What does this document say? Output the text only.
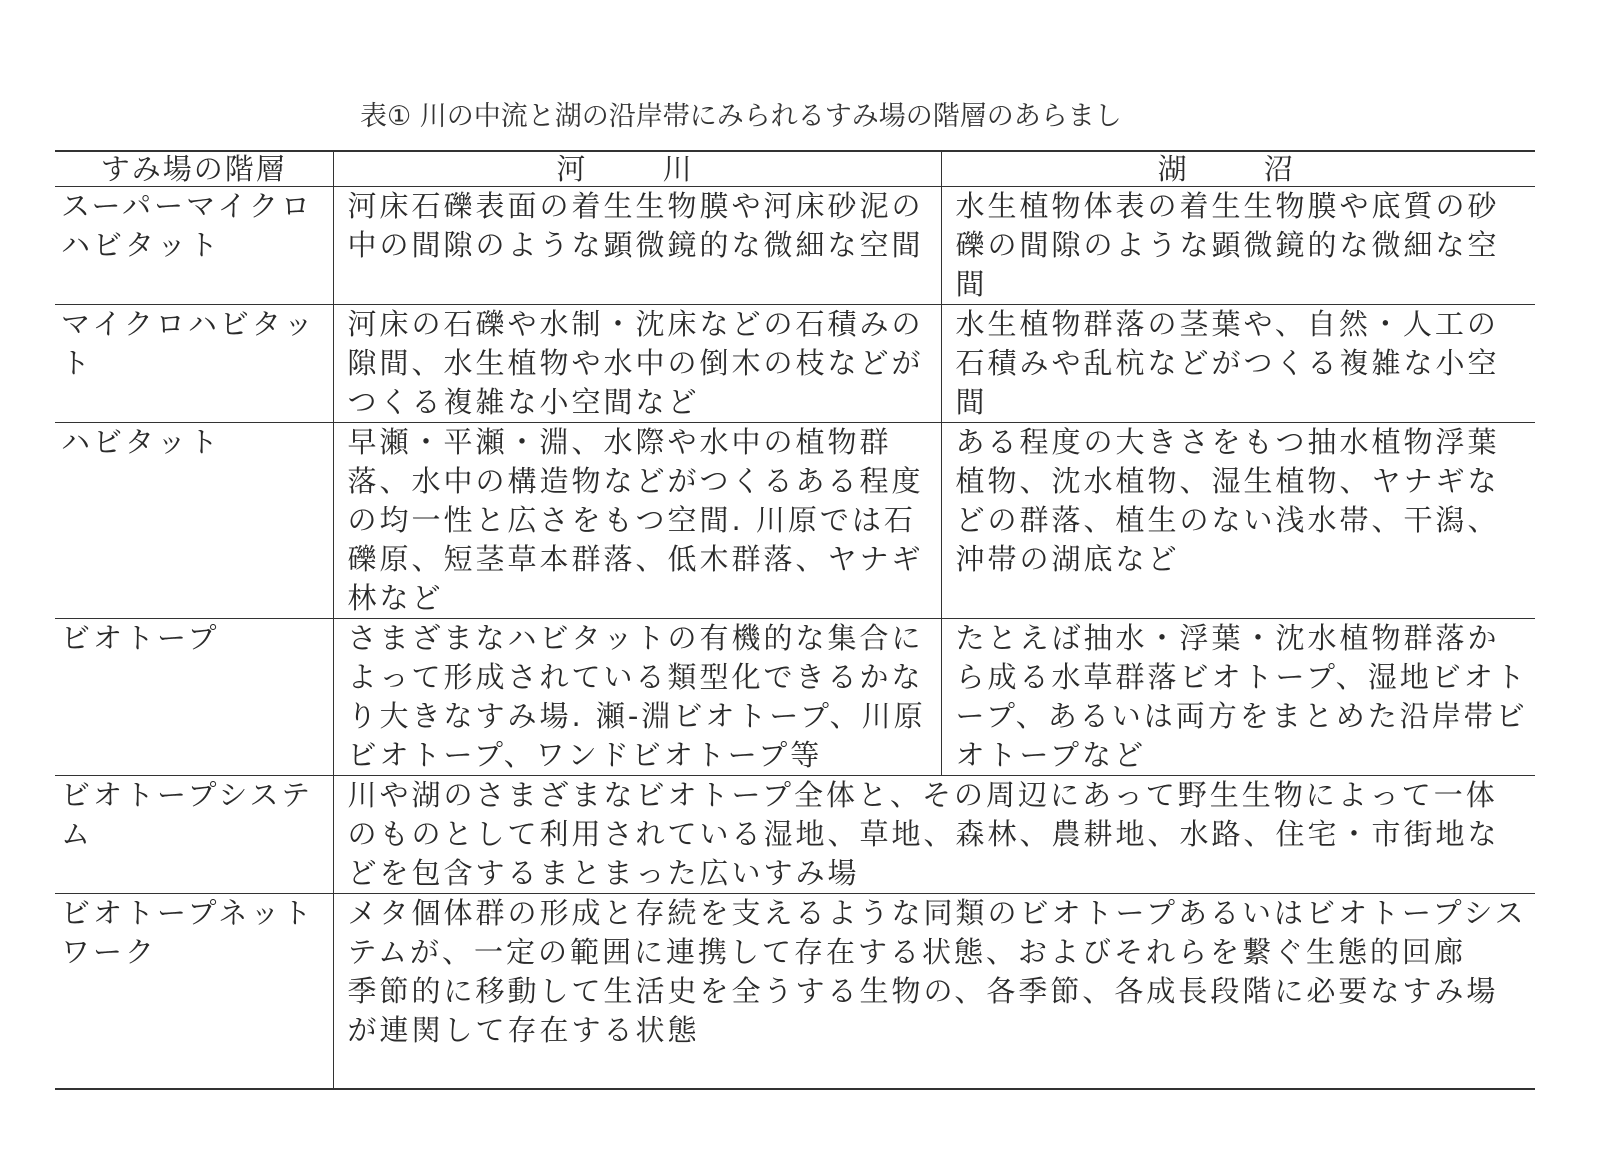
表① 川の中流と湖の沿岸帯にみられるすみ場の階層のあらまし
すみ場の階層	河 川	湖 沼
スーパーマイクロハビタット	河床石礫表面の着生生物膜や河床砂泥の中の間隙のような顕微鏡的な微細な空間	水生植物体表の着生生物膜や底質の砂礫の間隙のような顕微鏡的な微細な空間
マイクロハビタット	河床の石礫や水制・沈床などの石積みの隙間、水生植物や水中の倒木の枝などがつくる複雑な小空間など	水生植物群落の茎葉や、自然・人工の石積みや乱杭などがつくる複雑な小空間
ハビタット	早瀬・平瀬・淵、水際や水中の植物群落、水中の構造物などがつくるある程度の均一性と広さをもつ空間. 川原では石礫原、短茎草本群落、低木群落、ヤナギ林など	ある程度の大きさをもつ抽水植物浮葉植物、沈水植物、湿生植物、ヤナギなどの群落、植生のない浅水帯、干潟、沖帯の湖底など
ビオトープ	さまざまなハビタットの有機的な集合によって形成されている類型化できるかなり大きなすみ場. 瀬-淵ビオトープ、川原ビオトープ、ワンドビオトープ等	たとえば抽水・浮葉・沈水植物群落から成る水草群落ビオトープ、湿地ビオトープ、あるいは両方をまとめた沿岸帯ビオトープなど
ビオトープシステム	川や湖のさまざまなビオトープ全体と、その周辺にあって野生生物によって一体のものとして利用されている湿地、草地、森林、農耕地、水路、住宅・市街地などを包含するまとまった広いすみ場	
ビオトープネットワーク	メタ個体群の形成と存続を支えるような同類のビオトープあるいはビオトープシステムが、一定の範囲に連携して存在する状態、およびそれらを繋ぐ生態的回廊
季節的に移動して生活史を全うする生物の、各季節、各成長段階に必要なすみ場が連関して存在する状態	
